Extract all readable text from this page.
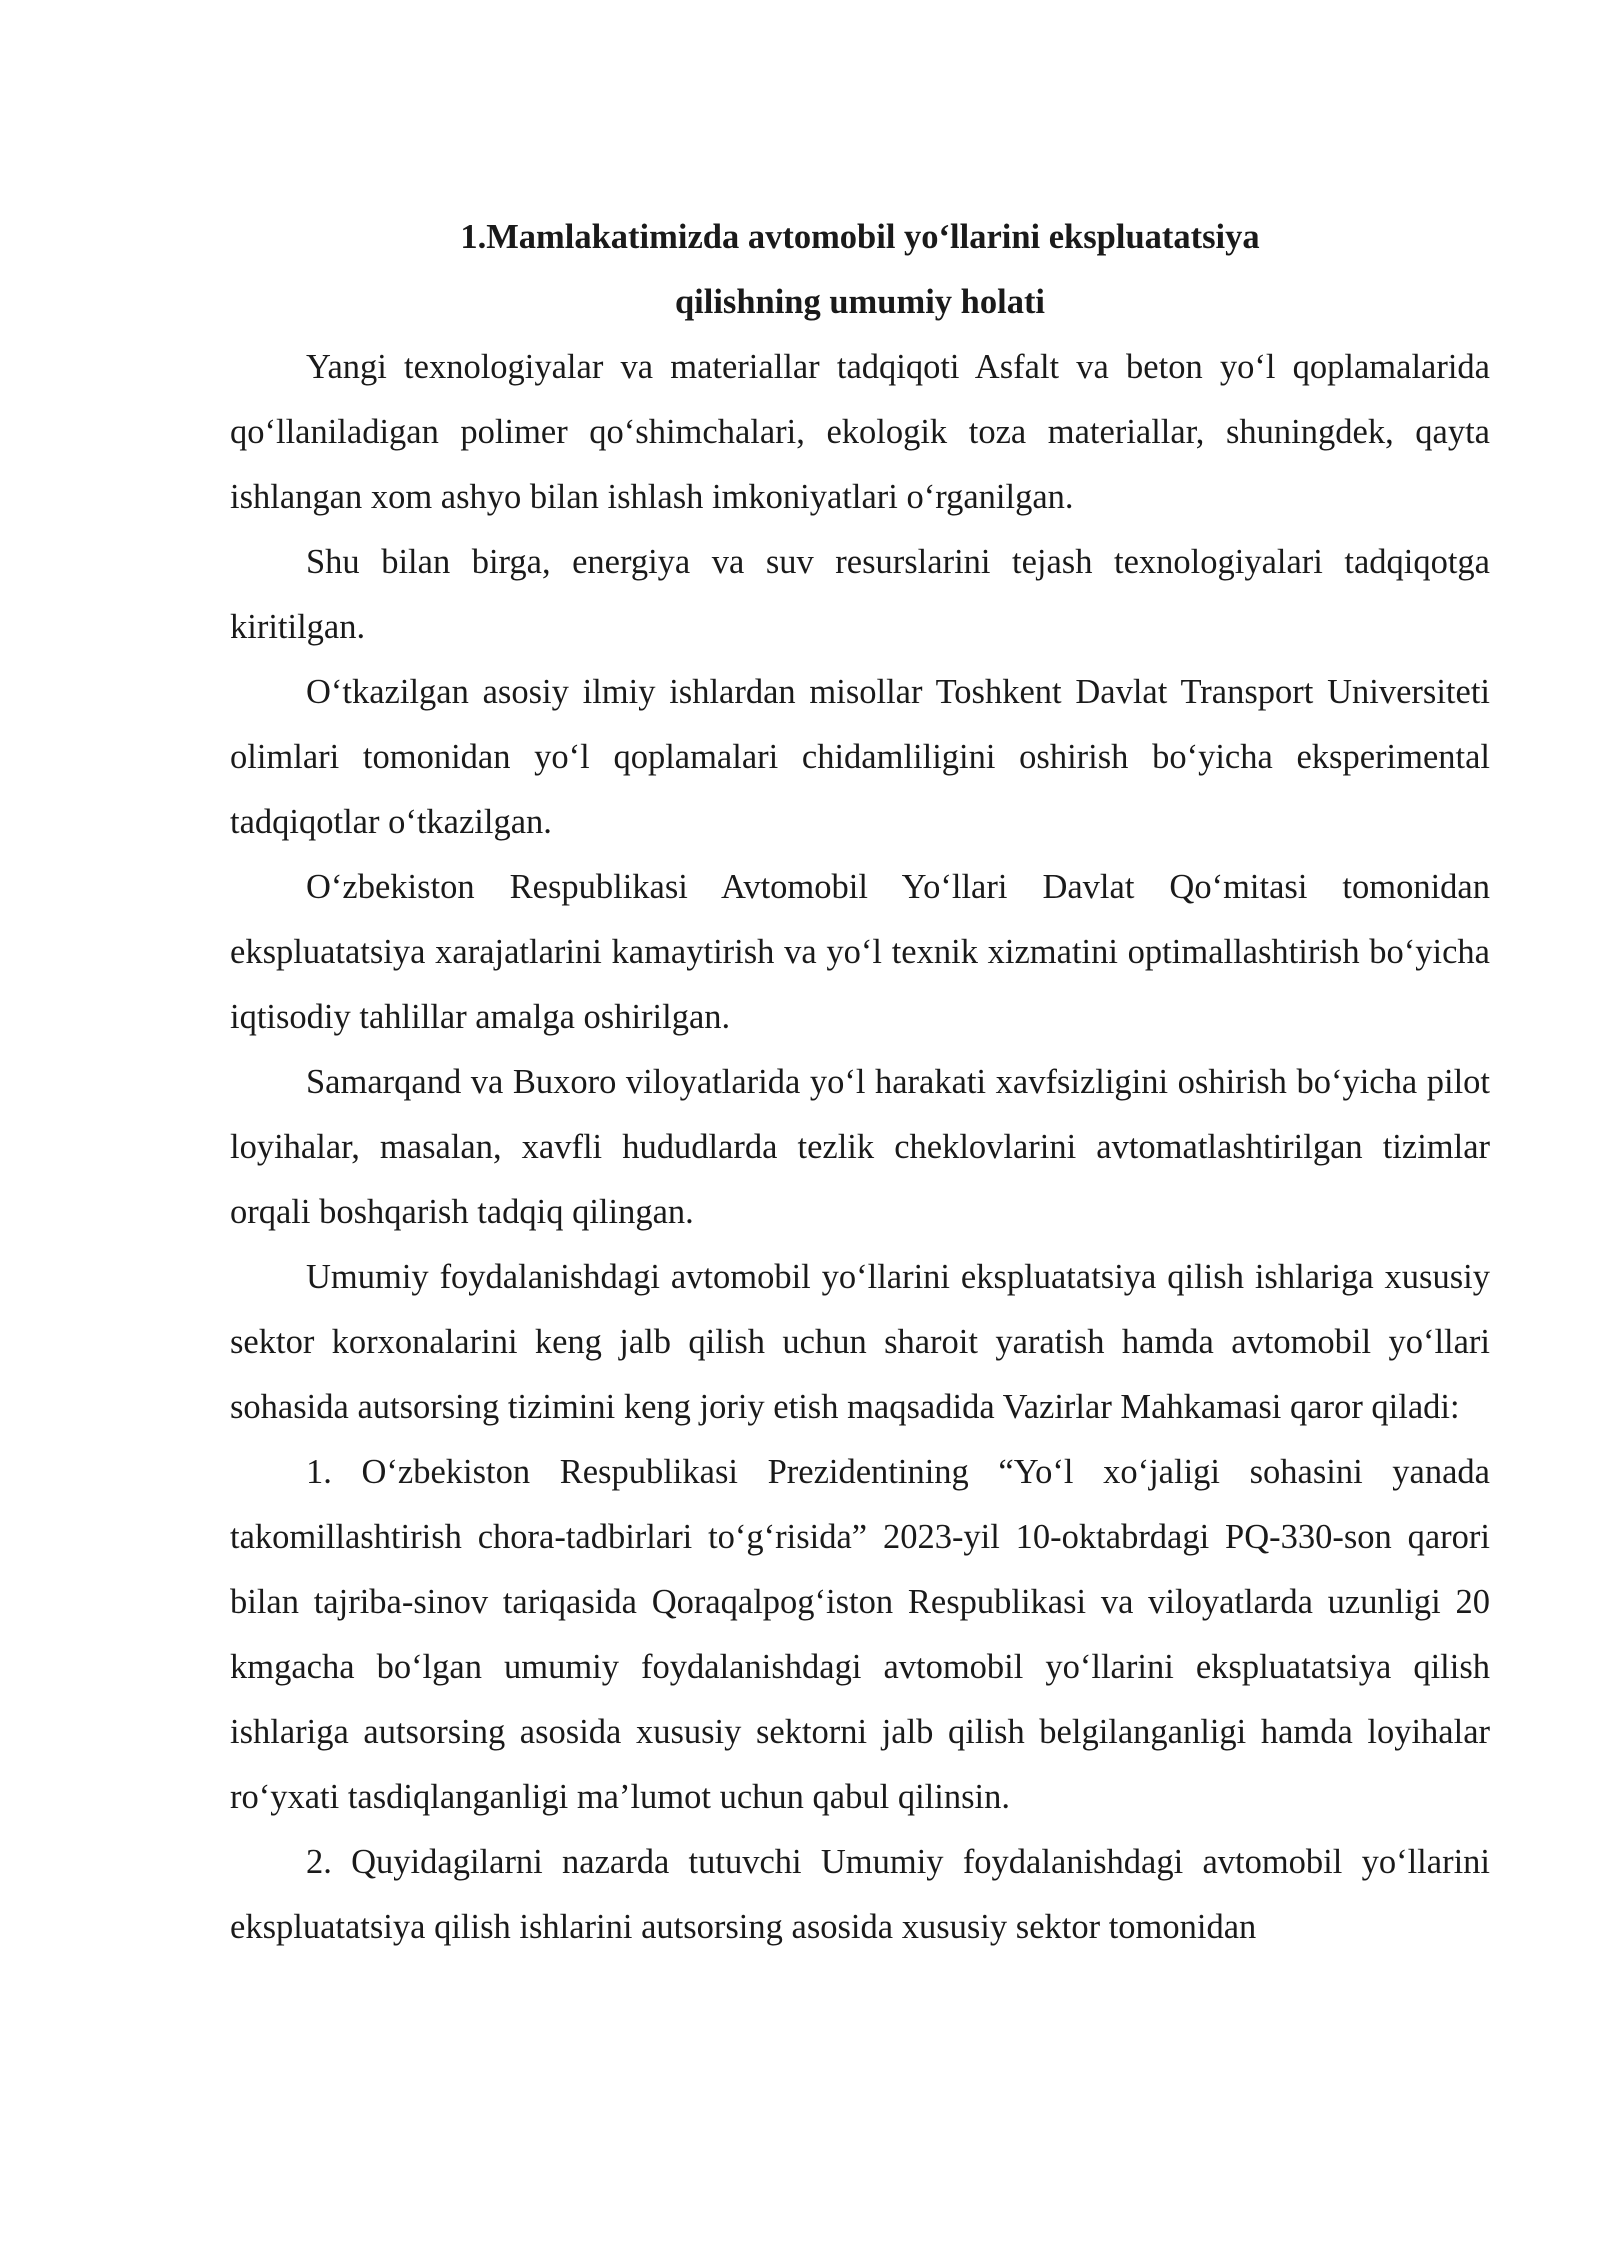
1.Mamlakatimizda avtomobil yo‘llarini ekspluatatsiya
qilishning umumiy holati

Yangi texnologiyalar va materiallar tadqiqoti Asfalt va beton yo‘l qoplamalarida qo‘llaniladigan polimer qo‘shimchalari, ekologik toza materiallar, shuningdek, qayta ishlangan xom ashyo bilan ishlash imkoniyatlari o‘rganilgan.

Shu bilan birga, energiya va suv resurslarini tejash texnologiyalari tadqiqotga kiritilgan.

O‘tkazilgan asosiy ilmiy ishlardan misollar Toshkent Davlat Transport Universiteti olimlari tomonidan yo‘l qoplamalari chidamliligini oshirish bo‘yicha eksperimental tadqiqotlar o‘tkazilgan.

O‘zbekiston Respublikasi Avtomobil Yo‘llari Davlat Qo‘mitasi tomonidan ekspluatatsiya xarajatlarini kamaytirish va yo‘l texnik xizmatini optimallashtirish bo‘yicha iqtisodiy tahlillar amalga oshirilgan.

Samarqand va Buxoro viloyatlarida yo‘l harakati xavfsizligini oshirish bo‘yicha pilot loyihalar, masalan, xavfli hududlarda tezlik cheklovlarini avtomatlashtirilgan tizimlar orqali boshqarish tadqiq qilingan.

Umumiy foydalanishdagi avtomobil yo‘llarini ekspluatatsiya qilish ishlariga xususiy sektor korxonalarini keng jalb qilish uchun sharoit yaratish hamda avtomobil yo‘llari sohasida autsorsing tizimini keng joriy etish maqsadida Vazirlar Mahkamasi qaror qiladi:

1. O‘zbekiston Respublikasi Prezidentining “Yo‘l xo‘jaligi sohasini yanada takomillashtirish chora-tadbirlari to‘g‘risida” 2023-yil 10-oktabrdagi PQ-330-son qarori bilan tajriba-sinov tariqasida Qoraqalpog‘iston Respublikasi va viloyatlarda uzunligi 20 kmgacha bo‘lgan umumiy foydalanishdagi avtomobil yo‘llarini ekspluatatsiya qilish ishlariga autsorsing asosida xususiy sektorni jalb qilish belgilanganligi hamda loyihalar ro‘yxati tasdiqlanganligi ma’lumot uchun qabul qilinsin.

2. Quyidagilarni nazarda tutuvchi Umumiy foydalanishdagi avtomobil yo‘llarini ekspluatatsiya qilish ishlarini autsorsing asosida xususiy sektor tomonidan
